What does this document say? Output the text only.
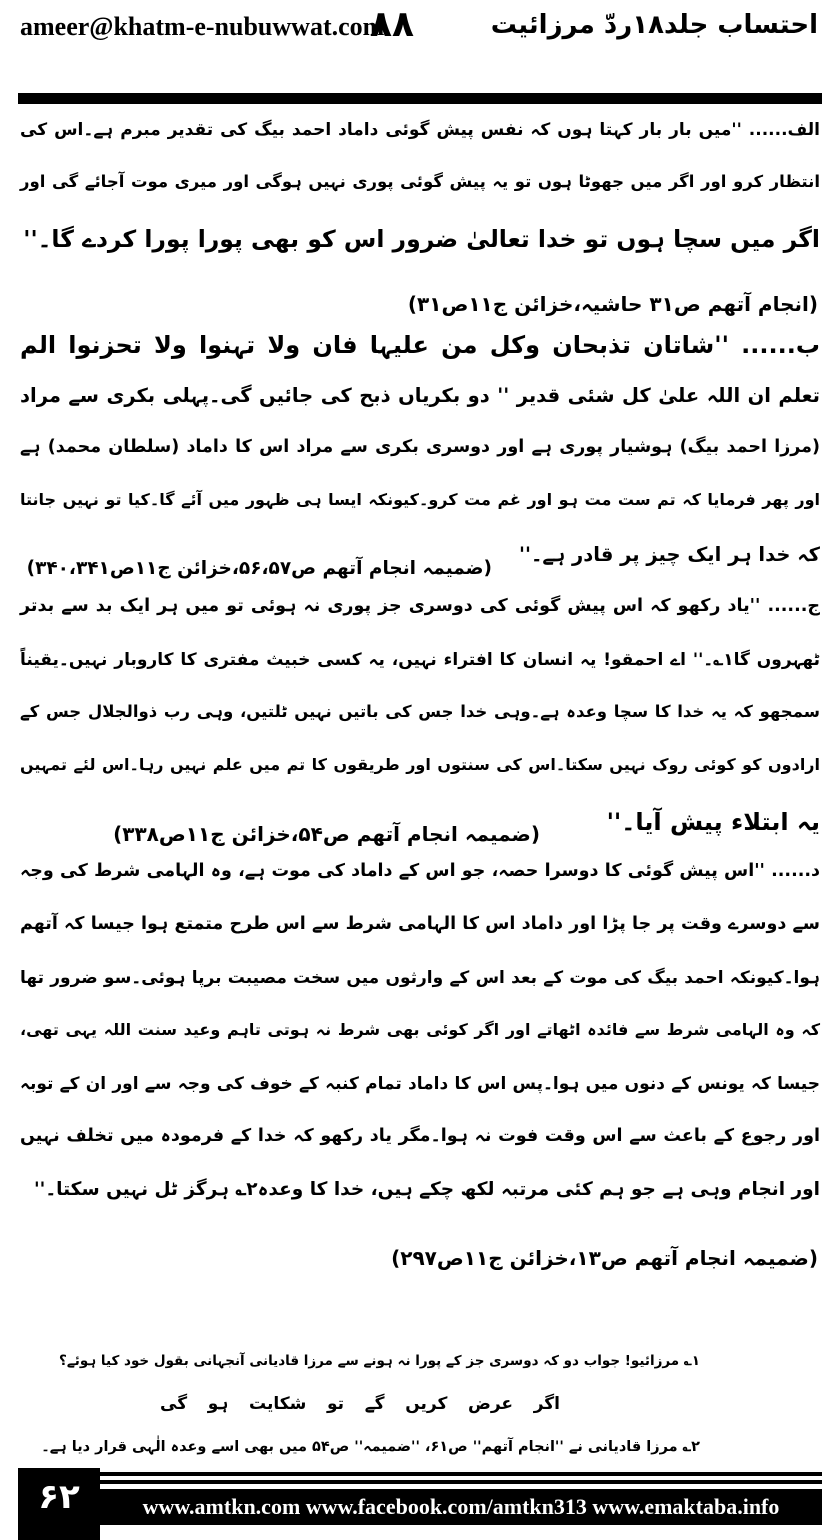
ameer@khatm-e-nubuwwat.com
۸۸	احتساب جلد۱۸ردّ مرزائیت
الف...... ''میں بار بار کہتا ہوں کہ نفس پیش گوئی داماد احمد بیگ کی تقدیر مبرم ہے۔اس کی
انتظار کرو اور اگر میں جھوٹا ہوں تو یہ پیش گوئی پوری نہیں ہوگی اور میری موت آجائے گی اور
اگر میں سچا ہوں تو خدا تعالیٰ ضرور اس کو بھی پورا پورا کردے گا۔''
(انجام آتھم ص۳۱ حاشیہ،خزائن ج۱۱ص۳۱)
ب...... ''شاتان تذبحان وکل من علیہا فان ولا تہنوا ولا تحزنوا الم
تعلم ان اللہ علیٰ کل شئی قدیر '' دو بکریاں ذبح کی جائیں گی۔پہلی بکری سے مراد
(مرزا احمد بیگ) ہوشیار پوری ہے اور دوسری بکری سے مراد اس کا داماد (سلطان محمد) ہے
اور پھر فرمایا کہ تم ست مت ہو اور غم مت کرو۔کیونکہ ایسا ہی ظہور میں آئے گا۔کیا تو نہیں جانتا
کہ خدا ہر ایک چیز پر قادر ہے۔''
(ضمیمہ انجام آتھم ص۵۶،۵۷،خزائن ج۱۱ص۳۴۰،۳۴۱)
ج...... ''یاد رکھو کہ اس پیش گوئی کی دوسری جز پوری نہ ہوئی تو میں ہر ایک بد سے بدتر
ٹھہروں گا۱؎۔'' اے احمقو! یہ انسان کا افتراء نہیں، یہ کسی خبیث مفتری کا کاروبار نہیں۔یقیناً
سمجھو کہ یہ خدا کا سچا وعدہ ہے۔وہی خدا جس کی باتیں نہیں ٹلتیں، وہی رب ذوالجلال جس کے
ارادوں کو کوئی روک نہیں سکتا۔اس کی سنتوں اور طریقوں کا تم میں علم نہیں رہا۔اس لئے تمہیں
یہ ابتلاء پیش آیا۔''
(ضمیمہ انجام آتھم ص۵۴،خزائن ج۱۱ص۳۳۸)
د...... ''اس پیش گوئی کا دوسرا حصہ، جو اس کے داماد کی موت ہے، وہ الہامی شرط کی وجہ
سے دوسرے وقت پر جا پڑا اور داماد اس کا الہامی شرط سے اس طرح متمتع ہوا جیسا کہ آتھم
ہوا۔کیونکہ احمد بیگ کی موت کے بعد اس کے وارثوں میں سخت مصیبت برپا ہوئی۔سو ضرور تھا
کہ وہ الہامی شرط سے فائدہ اٹھاتے اور اگر کوئی بھی شرط نہ ہوتی تاہم وعید سنت اللہ یہی تھی،
جیسا کہ یونس کے دنوں میں ہوا۔پس اس کا داماد تمام کنبہ کے خوف کی وجہ سے اور ان کے توبہ
اور رجوع کے باعث سے اس وقت فوت نہ ہوا۔مگر یاد رکھو کہ خدا کے فرمودہ میں تخلف نہیں
اور انجام وہی ہے جو ہم کئی مرتبہ لکھ چکے ہیں، خدا کا وعدہ۲؎ ہرگز ٹل نہیں سکتا۔''
(ضمیمہ انجام آتھم ص۱۳،خزائن ج۱۱ص۲۹۷)
۱؎ مرزائیو! جواب دو کہ دوسری جز کے پورا نہ ہونے سے مرزا قادیانی آنجہانی بقول خود کیا ہوئے؟
اگر عرض کریں گے تو شکایت ہو گی
۲؎ مرزا قادیانی نے ''انجام آتھم'' ص۶۱، ''ضمیمہ'' ص۵۴ میں بھی اسے وعدہ الٰہی قرار دیا ہے۔
۶۲	www.amtkn.com www.facebook.com/amtkn313 www.emaktaba.info
